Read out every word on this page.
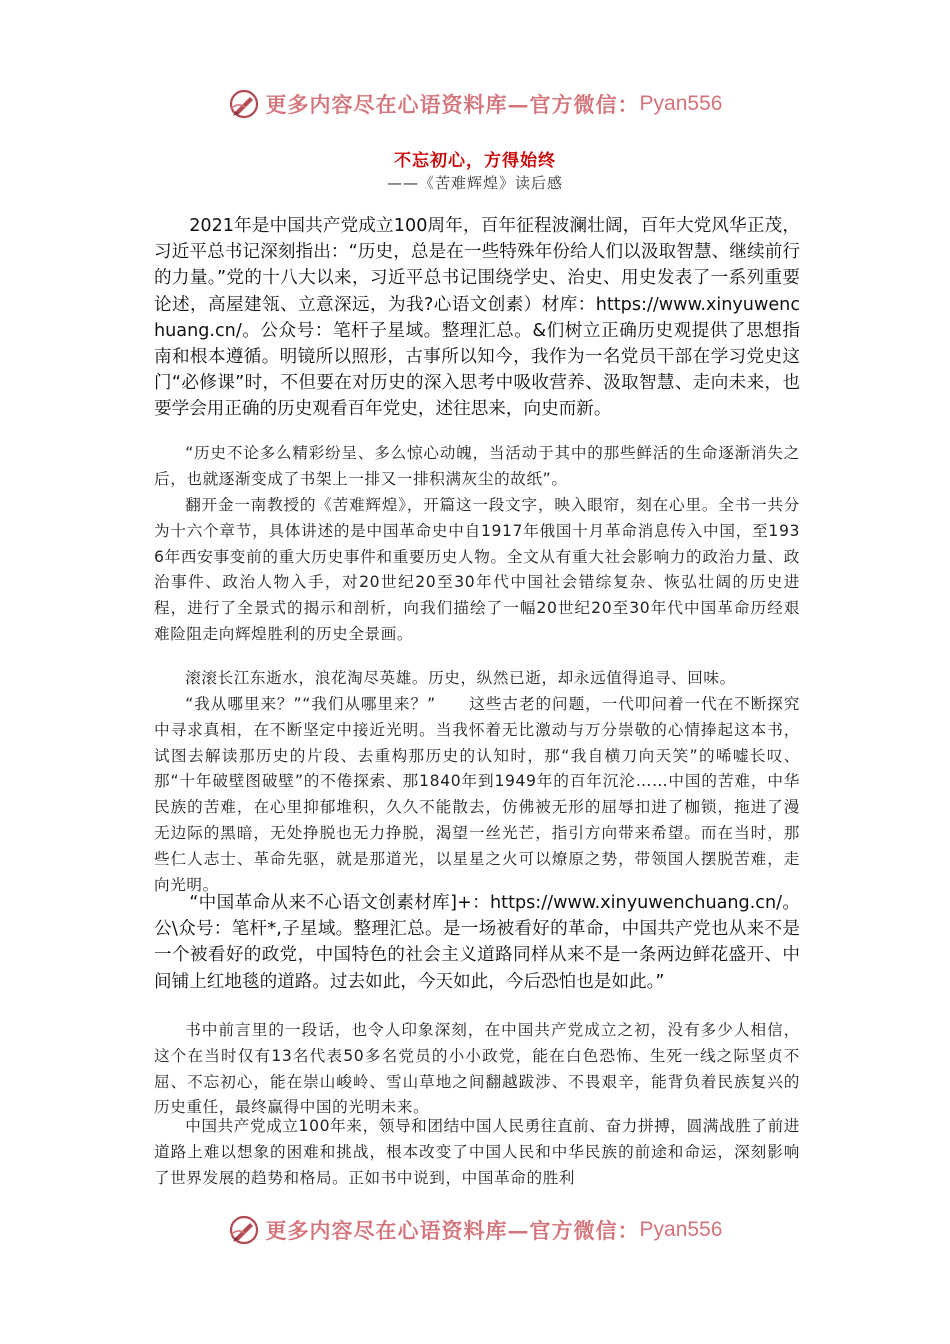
更多内容尽在心语资料库—官方微信： Pyan556
不忘初心，方得始终
——《苦难辉煌》读后感

2021年是中国共产党成立100周年，百年征程波澜壮阔，百年大党风华正茂，习近平总书记深刻指出：“历史，总是在一些特殊年份给人们以汲取智慧、继续前行的力量。”党的十八大以来，习近平总书记围绕学史、治史、用史发表了一系列重要论述，高屋建瓴、立意深远，为我?心语文创素）材库：https://www.xinyuwenchuang.cn/。公众号：笔杆子星域。整理汇总。&们树立正确历史观提供了思想指南和根本遵循。明镜所以照形，古事所以知今，我作为一名党员干部在学习党史这门“必修课”时，不但要在对历史的深入思考中吸收营养、汲取智慧、走向未来，也要学会用正确的历史观看百年党史，述往思来，向史而新。

“历史不论多么精彩纷呈、多么惊心动魄，当活动于其中的那些鲜活的生命逐渐消失之后，也就逐渐变成了书架上一排又一排积满灰尘的故纸”。

翻开金一南教授的《苦难辉煌》，开篇这一段文字，映入眼帘，刻在心里。全书一共分为十六个章节，具体讲述的是中国革命史中自1917年俄国十月革命消息传入中国，至1936年西安事变前的重大历史事件和重要历史人物。全文从有重大社会影响力的政治力量、政治事件、政治人物入手，对20世纪20至30年代中国社会错综复杂、恢弘壮阔的历史进程，进行了全景式的揭示和剖析，向我们描绘了一幅20世纪20至30年代中国革命历经艰难险阻走向辉煌胜利的历史全景画。

滚滚长江东逝水，浪花淘尽英雄。历史，纵然已逝，却永远值得追寻、回味。

“我从哪里来？”“我们从哪里来？”　　这些古老的问题，一代叩问着一代在不断探究中寻求真相，在不断坚定中接近光明。当我怀着无比激动与万分崇敬的心情捧起这本书，试图去解读那历史的片段、去重构那历史的认知时，那“我自横刀向天笑”的唏嘘长叹、那“十年破壁图破壁”的不倦探索、那1840年到1949年的百年沉沦……中国的苦难，中华民族的苦难，在心里抑郁堆积，久久不能散去，仿佛被无形的屈辱扣进了枷锁，拖进了漫无边际的黑暗，无处挣脱也无力挣脱，渴望一丝光芒，指引方向带来希望。而在当时，那些仁人志士、革命先驱，就是那道光，以星星之火可以燎原之势，带领国人摆脱苦难，走向光明。

“中国革命从来不心语文创素材库]+：https://www.xinyuwenchuang.cn/。公\众号：笔杆*,子星域。整理汇总。是一场被看好的革命，中国共产党也从来不是一个被看好的政党，中国特色的社会主义道路同样从来不是一条两边鲜花盛开、中间铺上红地毯的道路。过去如此，今天如此，今后恐怕也是如此。”

书中前言里的一段话，也令人印象深刻，在中国共产党成立之初，没有多少人相信，这个在当时仅有13名代表50多名党员的小小政党，能在白色恐怖、生死一线之际坚贞不屈、不忘初心，能在崇山峻岭、雪山草地之间翻越跋涉、不畏艰辛，能背负着民族复兴的历史重任，最终赢得中国的光明未来。

中国共产党成立100年来，领导和团结中国人民勇往直前、奋力拼搏，圆满战胜了前进道路上难以想象的困难和挑战，根本改变了中国人民和中华民族的前途和命运，深刻影响了世界发展的趋势和格局。正如书中说到，中国革命的胜利

更多内容尽在心语资料库—官方微信： Pyan556
